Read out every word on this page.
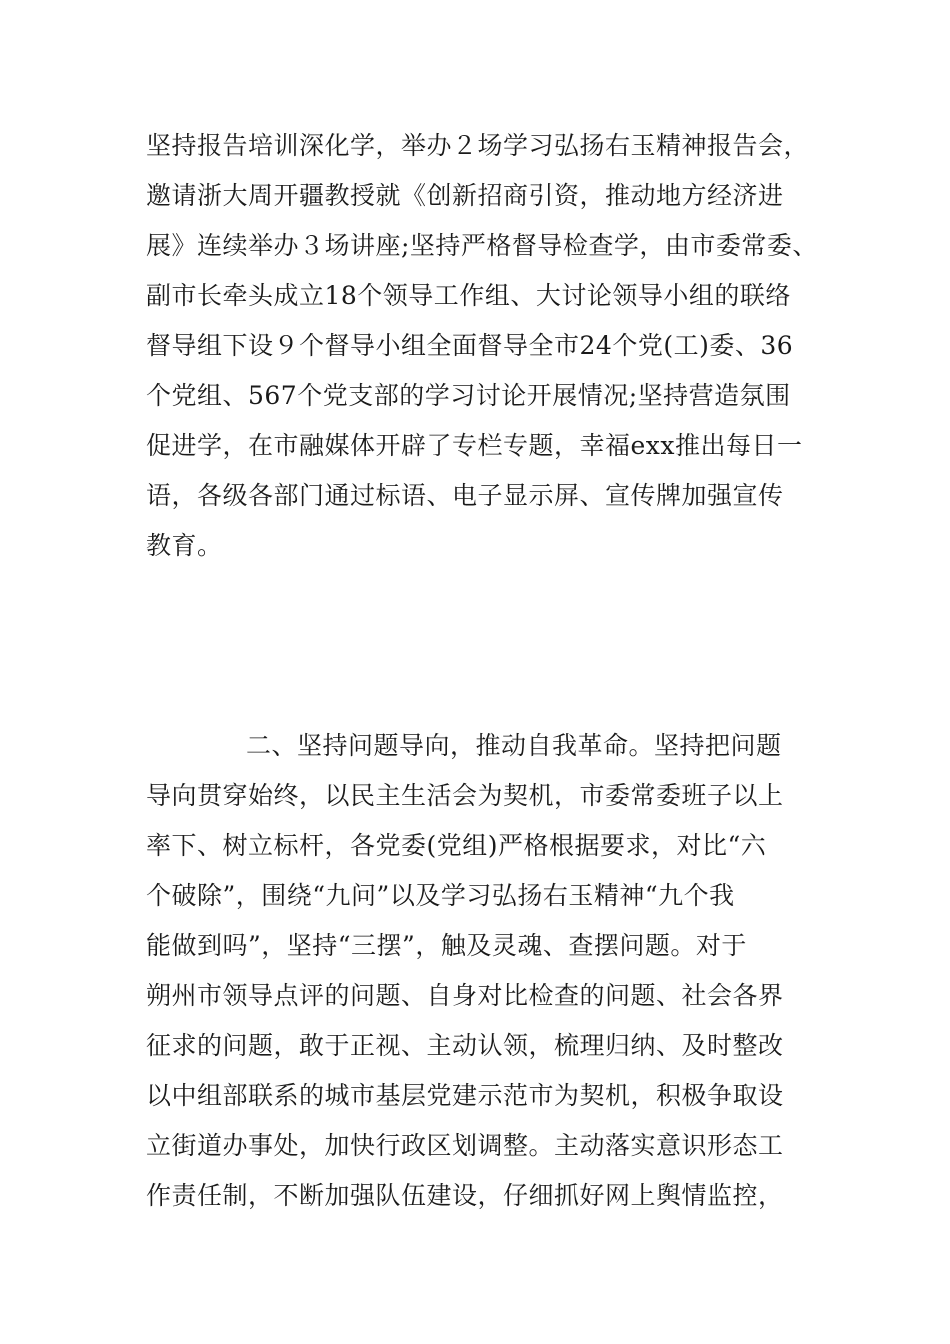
坚持报告培训深化学，举办２场学习弘扬右玉精神报告会，
邀请浙大周开疆教授就《创新招商引资，推动地方经济进
展》连续举办３场讲座;坚持严格督导检查学，由市委常委、
副市长牵头成立18个领导工作组、大讨论领导小组的联络
督导组下设９个督导小组全面督导全市24个党(工)委、36
个党组、567个党支部的学习讨论开展情况;坚持营造氛围
促进学，在市融媒体开辟了专栏专题，幸福exx推出每日一
语，各级各部门通过标语、电子显示屏、宣传牌加强宣传
教育。
二、坚持问题导向，推动自我革命。坚持把问题
导向贯穿始终，以民主生活会为契机，市委常委班子以上
率下、树立标杆，各党委(党组)严格根据要求，对比“六
个破除”，围绕“九问”以及学习弘扬右玉精神“九个我
能做到吗”，坚持“三摆”，触及灵魂、查摆问题。对于
朔州市领导点评的问题、自身对比检查的问题、社会各界
征求的问题，敢于正视、主动认领，梳理归纳、及时整改
以中组部联系的城市基层党建示范市为契机，积极争取设
立街道办事处，加快行政区划调整。主动落实意识形态工
作责任制，不断加强队伍建设，仔细抓好网上舆情监控，
